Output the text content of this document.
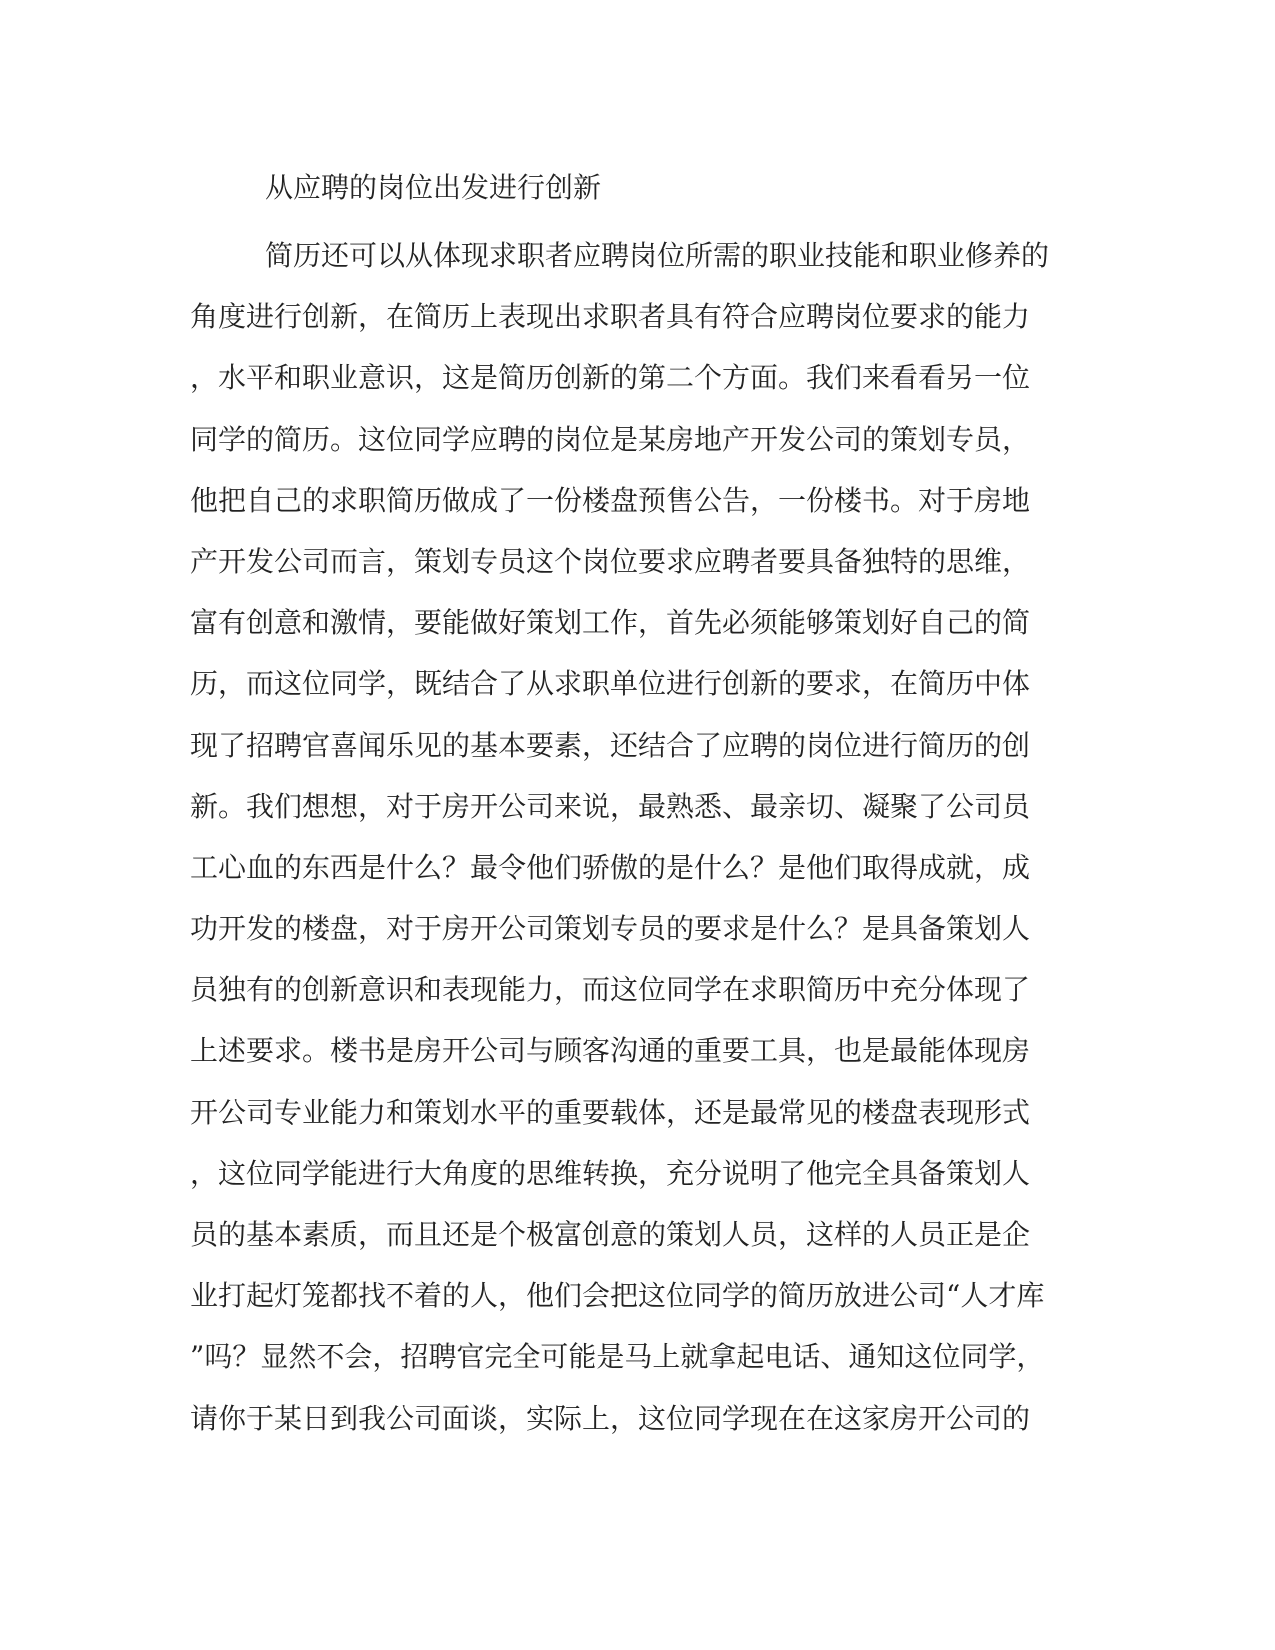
从应聘的岗位出发进行创新
简历还可以从体现求职者应聘岗位所需的职业技能和职业修养的
角度进行创新，在简历上表现出求职者具有符合应聘岗位要求的能力
，水平和职业意识，这是简历创新的第二个方面。我们来看看另一位
同学的简历。这位同学应聘的岗位是某房地产开发公司的策划专员，
他把自己的求职简历做成了一份楼盘预售公告，一份楼书。对于房地
产开发公司而言，策划专员这个岗位要求应聘者要具备独特的思维，
富有创意和激情，要能做好策划工作，首先必须能够策划好自己的简
历，而这位同学，既结合了从求职单位进行创新的要求，在简历中体
现了招聘官喜闻乐见的基本要素，还结合了应聘的岗位进行简历的创
新。我们想想，对于房开公司来说，最熟悉、最亲切、凝聚了公司员
工心血的东西是什么？最令他们骄傲的是什么？是他们取得成就，成
功开发的楼盘，对于房开公司策划专员的要求是什么？是具备策划人
员独有的创新意识和表现能力，而这位同学在求职简历中充分体现了
上述要求。楼书是房开公司与顾客沟通的重要工具，也是最能体现房
开公司专业能力和策划水平的重要载体，还是最常见的楼盘表现形式
，这位同学能进行大角度的思维转换，充分说明了他完全具备策划人
员的基本素质，而且还是个极富创意的策划人员，这样的人员正是企
业打起灯笼都找不着的人，他们会把这位同学的简历放进公司“人才库
”吗？显然不会，招聘官完全可能是马上就拿起电话、通知这位同学，
请你于某日到我公司面谈，实际上，这位同学现在在这家房开公司的
